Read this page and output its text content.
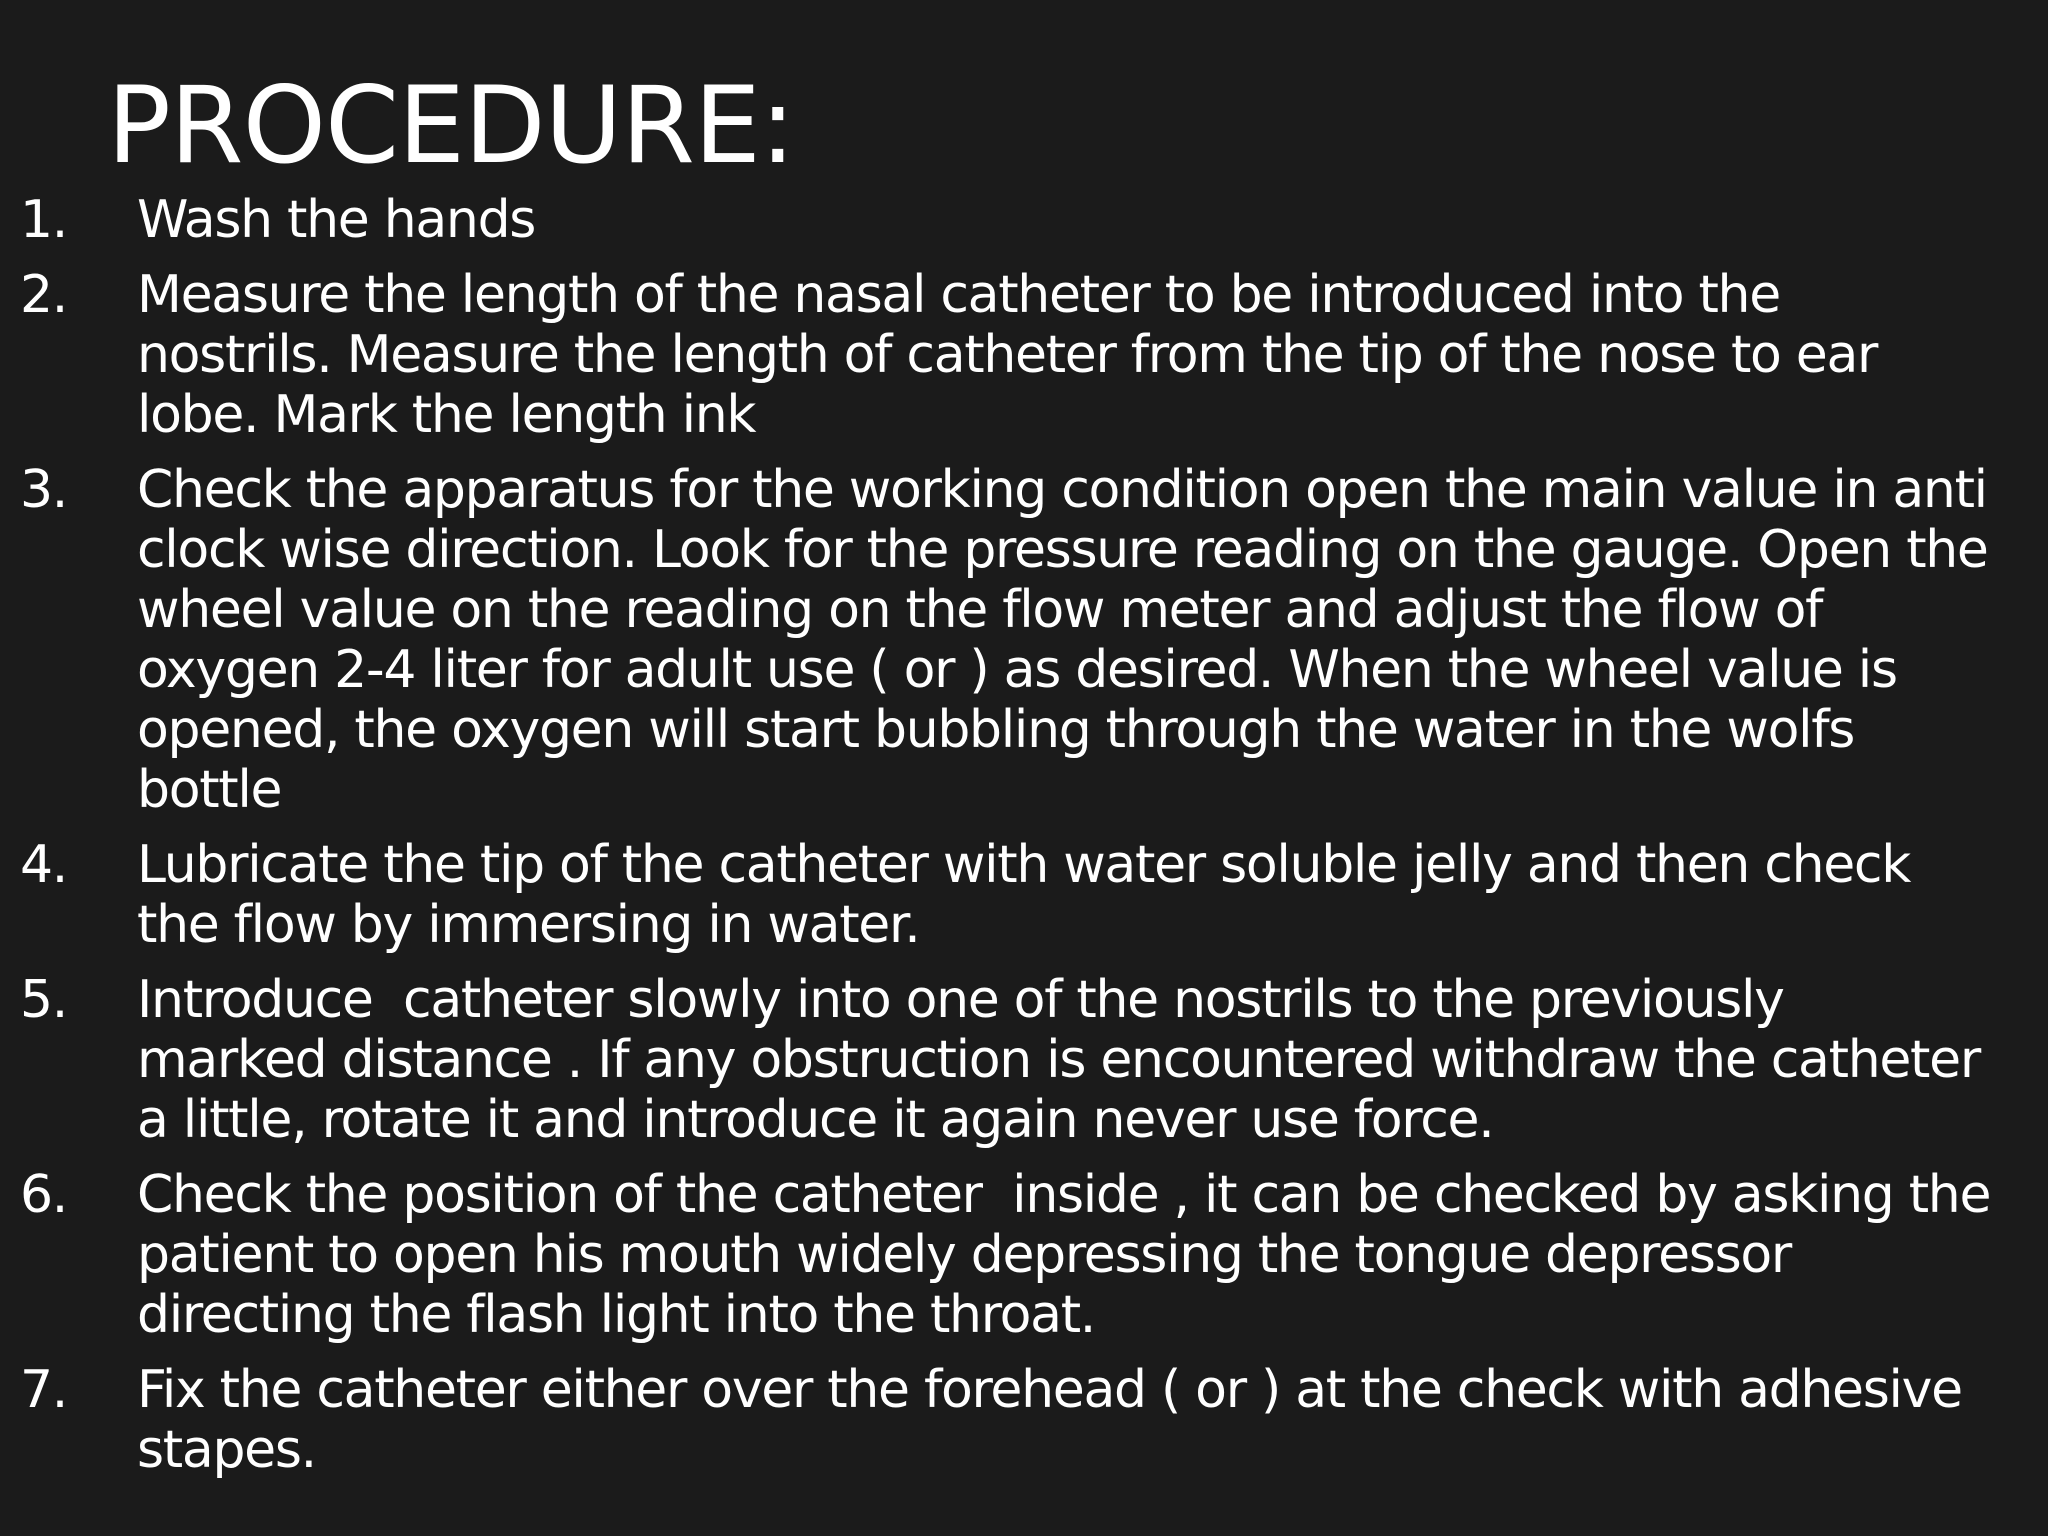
PROCEDURE:
1. Wash the hands
2. Measure the length of the nasal catheter to be introduced into the
nostrils. Measure the length of catheter from the tip of the nose to ear
lobe. Mark the length ink
3. Check the apparatus for the working condition open the main value in anti
clock wise direction. Look for the pressure reading on the gauge. Open the
wheel value on the reading on the flow meter and adjust the flow of
oxygen 2-4 liter for adult use ( or ) as desired. When the wheel value is
opened, the oxygen will start bubbling through the water in the wolfs
bottle
4. Lubricate the tip of the catheter with water soluble jelly and then check
the flow by immersing in water.
5. Introduce  catheter slowly into one of the nostrils to the previously
marked distance . If any obstruction is encountered withdraw the catheter
a little, rotate it and introduce it again never use force.
6. Check the position of the catheter  inside , it can be checked by asking the
patient to open his mouth widely depressing the tongue depressor
directing the flash light into the throat.
7. Fix the catheter either over the forehead ( or ) at the check with adhesive
stapes.
